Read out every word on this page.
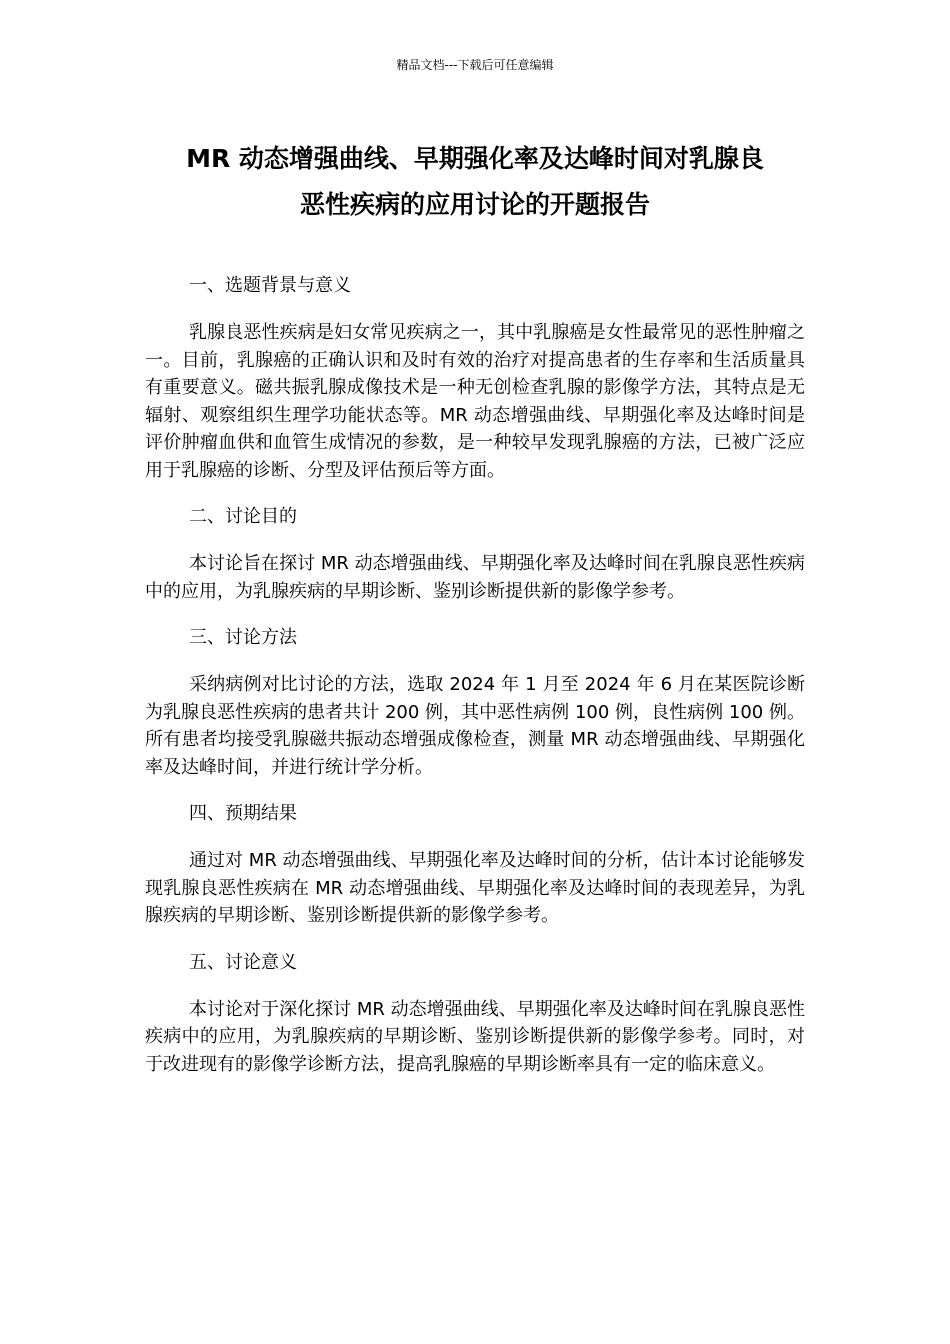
精品文档---下载后可任意编辑
MR 动态增强曲线、早期强化率及达峰时间对乳腺良
恶性疾病的应用讨论的开题报告

一、选题背景与意义

乳腺良恶性疾病是妇女常见疾病之一，其中乳腺癌是女性最常见的恶性肿瘤之一。目前，乳腺癌的正确认识和及时有效的治疗对提高患者的生存率和生活质量具有重要意义。磁共振乳腺成像技术是一种无创检查乳腺的影像学方法，其特点是无辐射、观察组织生理学功能状态等。MR 动态增强曲线、早期强化率及达峰时间是评价肿瘤血供和血管生成情况的参数，是一种较早发现乳腺癌的方法，已被广泛应用于乳腺癌的诊断、分型及评估预后等方面。

二、讨论目的

本讨论旨在探讨 MR 动态增强曲线、早期强化率及达峰时间在乳腺良恶性疾病中的应用，为乳腺疾病的早期诊断、鉴别诊断提供新的影像学参考。

三、讨论方法

采纳病例对比讨论的方法，选取 2024 年 1 月至 2024 年 6 月在某医院诊断为乳腺良恶性疾病的患者共计 200 例，其中恶性病例 100 例，良性病例 100 例。所有患者均接受乳腺磁共振动态增强成像检查，测量 MR 动态增强曲线、早期强化率及达峰时间，并进行统计学分析。

四、预期结果

通过对 MR 动态增强曲线、早期强化率及达峰时间的分析，估计本讨论能够发现乳腺良恶性疾病在 MR 动态增强曲线、早期强化率及达峰时间的表现差异，为乳腺疾病的早期诊断、鉴别诊断提供新的影像学参考。

五、讨论意义

本讨论对于深化探讨 MR 动态增强曲线、早期强化率及达峰时间在乳腺良恶性疾病中的应用，为乳腺疾病的早期诊断、鉴别诊断提供新的影像学参考。同时，对于改进现有的影像学诊断方法，提高乳腺癌的早期诊断率具有一定的临床意义。
